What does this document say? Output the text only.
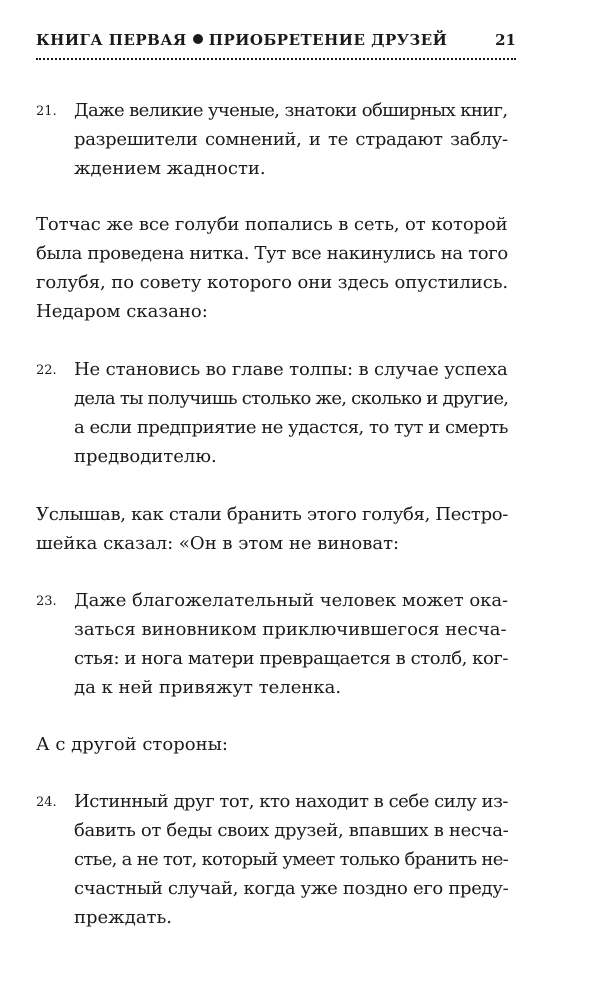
КНИГА ПЕРВАЯ ПРИОБРЕТЕНИЕ ДРУЗЕЙ	21
21. Даже великие ученые, знатоки обширных книг,
разрешители сомнений, и те страдают заблу-
ждением жадности.
Тотчас же все голуби попались в сеть, от которой
была проведена нитка. Тут все накинулись на того
голубя, по совету которого они здесь опустились.
Недаром сказано:
22. Не становись во главе толпы: в случае успеха
дела ты получишь столько же, сколько и другие,
а если предприятие не удастся, то тут и смерть
предводителю.
Услышав, как стали бранить этого голубя, Пестро-
шейка сказал: «Он в этом не виноват:
23. Даже благожелательный человек может ока-
заться виновником приключившегося несча-
стья: и нога матери превращается в столб, ког-
да к ней привяжут теленка.
А с другой стороны:
24. Истинный друг тот, кто находит в себе силу из-
бавить от беды своих друзей, впавших в несча-
стье, а не тот, который умеет только бранить не-
счастный случай, когда уже поздно его преду-
преждать.
